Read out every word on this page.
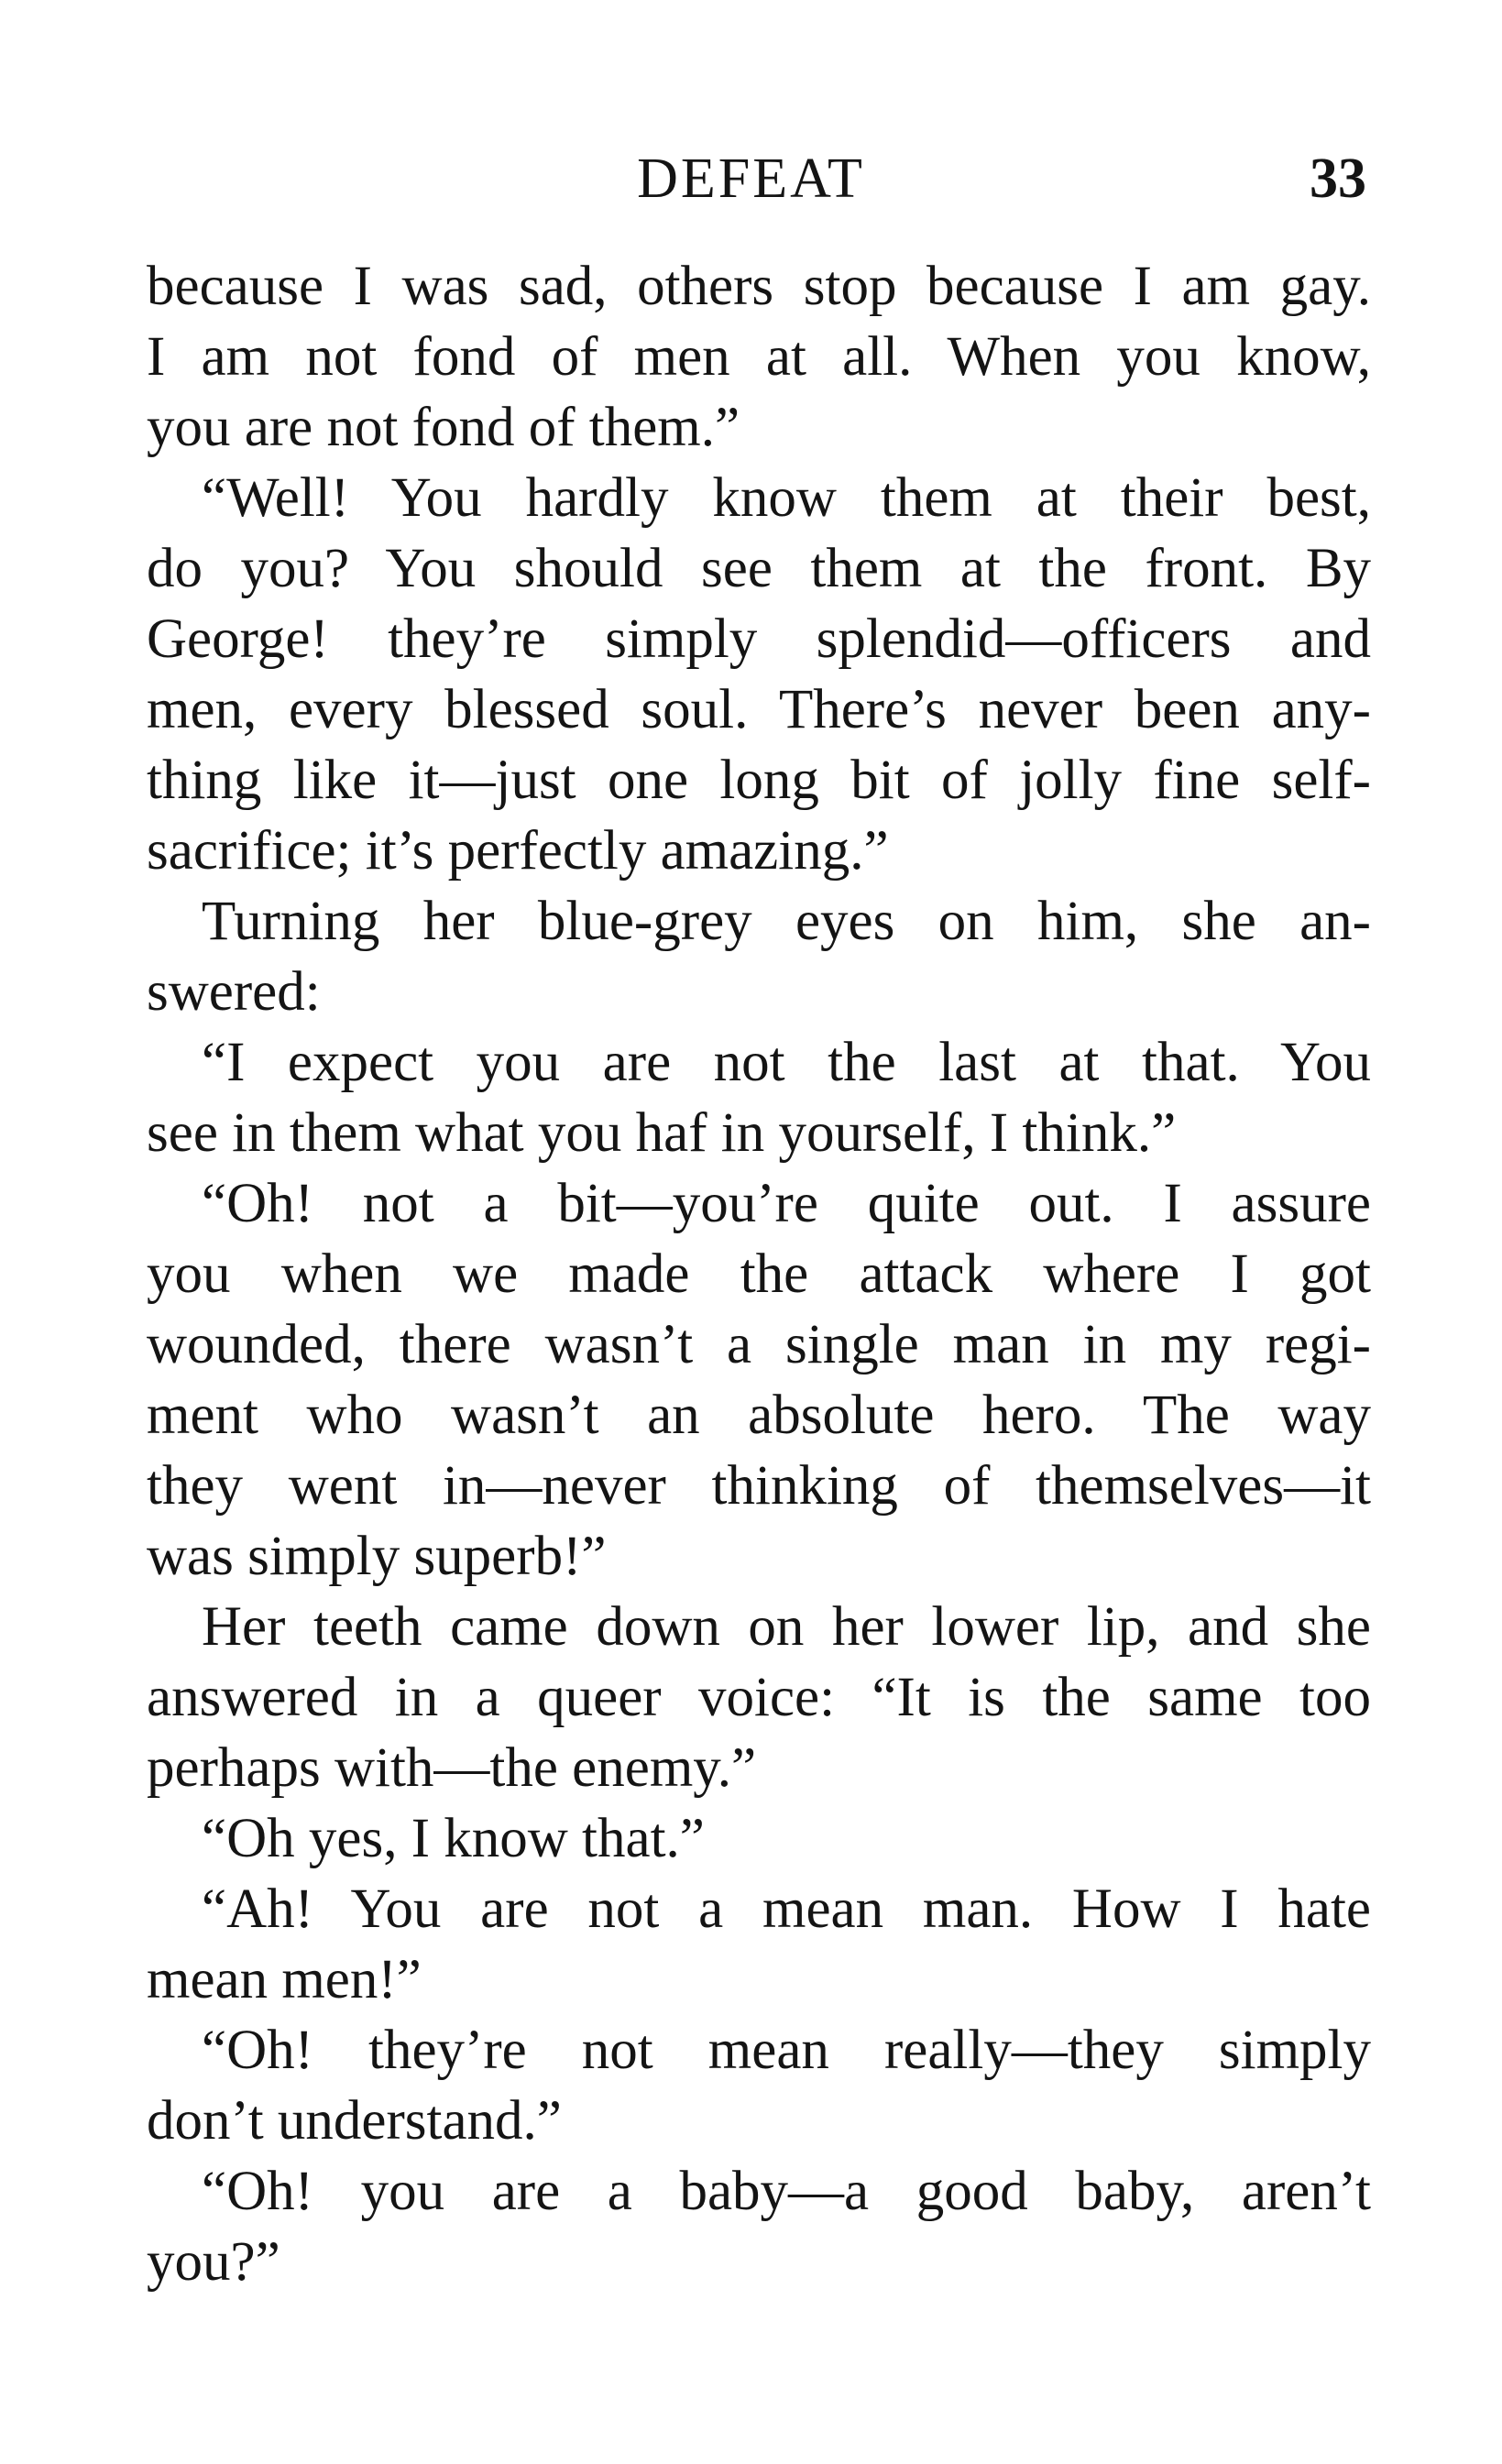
DEFEAT	33
because I was sad, others stop because I am gay.
I am not fond of men at all. When you know,
you are not fond of them.”
“Well! You hardly know them at their best,
do you? You should see them at the front. By
George! they’re simply splendid—officers and
men, every blessed soul. There’s never been any-
thing like it—just one long bit of jolly fine self-
sacrifice; it’s perfectly amazing.”
Turning her blue-grey eyes on him, she an-
swered:
“I expect you are not the last at that. You
see in them what you haf in yourself, I think.”
“Oh! not a bit—you’re quite out. I assure
you when we made the attack where I got
wounded, there wasn’t a single man in my regi-
ment who wasn’t an absolute hero. The way
they went in—never thinking of themselves—it
was simply superb!”
Her teeth came down on her lower lip, and she
answered in a queer voice: “It is the same too
perhaps with—the enemy.”
“Oh yes, I know that.”
“Ah! You are not a mean man. How I hate
mean men!”
“Oh! they’re not mean really—they simply
don’t understand.”
“Oh! you are a baby—a good baby, aren’t
you?”
